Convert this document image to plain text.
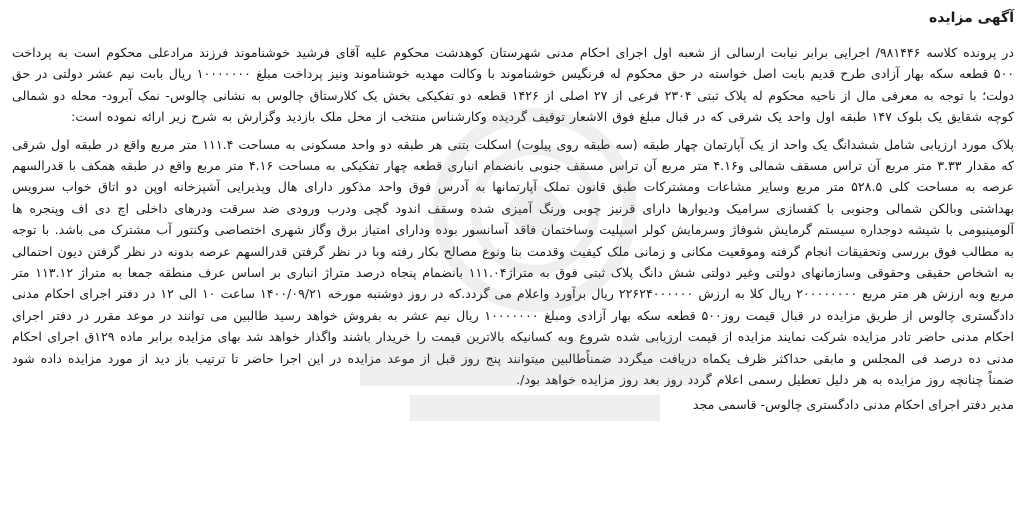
آگهی مزایده

در پرونده کلاسه ۹۸۱۴۴۶/ اجرایی برابر نیابت ارسالی از شعبه اول اجرای احکام مدنی شهرستان کوهدشت محکوم علیه آقای فرشید خوشناموند فرزند مرادعلی محکوم است به پرداخت ۵۰۰ قطعه سکه بهار آزادی طرح قدیم بابت اصل خواسته در حق محکوم له فرنگیس خوشناموند با وکالت مهدیه خوشناموند ونیز پرداخت مبلغ ۱۰۰۰۰۰۰۰ ریال بابت نیم عشر دولتی در حق دولت؛ با توجه به معرفی مال از ناحیه محکوم له پلاک ثبتی ۲۳۰۴ فرعی از ۲۷ اصلی از ۱۴۲۶ قطعه دو تفکیکی بخش یک کلارستاق چالوس به نشانی چالوس- نمک آبرود- محله دو شمالی کوچه شقایق یک بلوک ۱۴۷ طبقه اول واحد یک شرقی که در قبال مبلغ فوق الاشعار توقیف گردیده وکارشناس منتخب از محل ملک بازدید وگزارش به شرح زیر ارائه نموده است:

پلاک مورد ارزیابی شامل ششدانگ یک واحد از یک آپارتمان چهار طبقه (سه طبقه روی پیلوت) اسکلت بتنی هر طبقه دو واحد مسکونی به مساحت ۱۱۱.۴ متر مربع واقع در طبقه اول شرقی که مقدار ۳.۳۳ متر مربع آن تراس مسقف شمالی و۴.۱۶ متر مربع آن تراس مسقف جنوبی بانضمام انباری قطعه چهار تفکیکی به مساحت ۴.۱۶ متر مربع واقع در طبقه همکف با قدرالسهم عرصه به مساحت کلی ۵۲۸.۵ متر مربع وسایر مشاعات ومشترکات طبق قانون تملک آپارتمانها به آدرس فوق واحد مذکور دارای هال وپذیرایی آشپزخانه اوپن دو اتاق خواب سرویس بهداشتی وبالکن شمالی وجنوبی با کفسازی سرامیک ودیوارها دارای قرنیز چوبی ورنگ آمیزی شده وسقف اندود گچی ودرب ورودی ضد سرقت ودرهای داخلی اچ دی اف وپنجره ها آلومینیومی با شیشه دوجداره سیستم گرمایش شوفاژ وسرمایش کولر اسپلیت وساختمان فاقد آسانسور بوده ودارای امتیاز برق وگاز شهری اختصاصی وکنتور آب مشترک می باشد. با توجه به مطالب فوق بررسی وتحقیقات انجام گرفته وموقعیت مکانی و زمانی ملک کیفیت وقدمت بنا ونوع مصالح بکار رفته وبا در نظر گرفتن قدرالسهم عرصه بدونه در نظر گرفتن دیون احتمالی به اشخاص حقیقی وحقوقی وسازمانهای دولتی وغیر دولتی شش دانگ پلاک ثبتی فوق به متراژ۱۱۱.۰۴ بانضمام پنجاه درصد متراژ انباری بر اساس عرف منطقه جمعا به متراژ ۱۱۳.۱۲ متر مربع وبه ارزش هر متر مربع ۲۰۰۰۰۰۰۰۰ ریال کلا به ارزش ۲۲۶۲۴۰۰۰۰۰۰ ریال برآورد واعلام می گردد.که در روز دوشنبه مورخه ۱۴۰۰/۰۹/۲۱ ساعت ۱۰ الی ۱۲ در دفتر اجرای احکام مدنی دادگستری چالوس از طریق مزایده در قبال قیمت روز۵۰۰ قطعه سکه بهار آزادی ومبلغ ۱۰۰۰۰۰۰۰ ریال نیم عشر به بفروش خواهد رسید طالبین می توانند در موعد مقرر در دفتر اجرای احکام مدنی حاضر تادر مزایده شرکت نمایند مزایده از قیمت ارزیابی شده شروع وبه کسانیکه بالاترین قیمت را خریدار باشند واگذار خواهد شد بهای مزایده برابر ماده ۱۲۹ق اجرای احکام مدنی ده درصد فی المجلس و مابقی حداکثر ظرف یکماه دریافت میگردد ضمناًطالبین میتوانند پنج روز قبل از موعد مزایده در این اجرا حاضر تا ترتیب باز دید از مورد مزایده داده شود ضمناً چنانچه روز مزایده به هر دلیل تعطیل رسمی اعلام گردد روز بعد روز مزایده خواهد بود/.

مدیر دفتر اجرای احکام مدنی دادگستری چالوس- قاسمی مجد
